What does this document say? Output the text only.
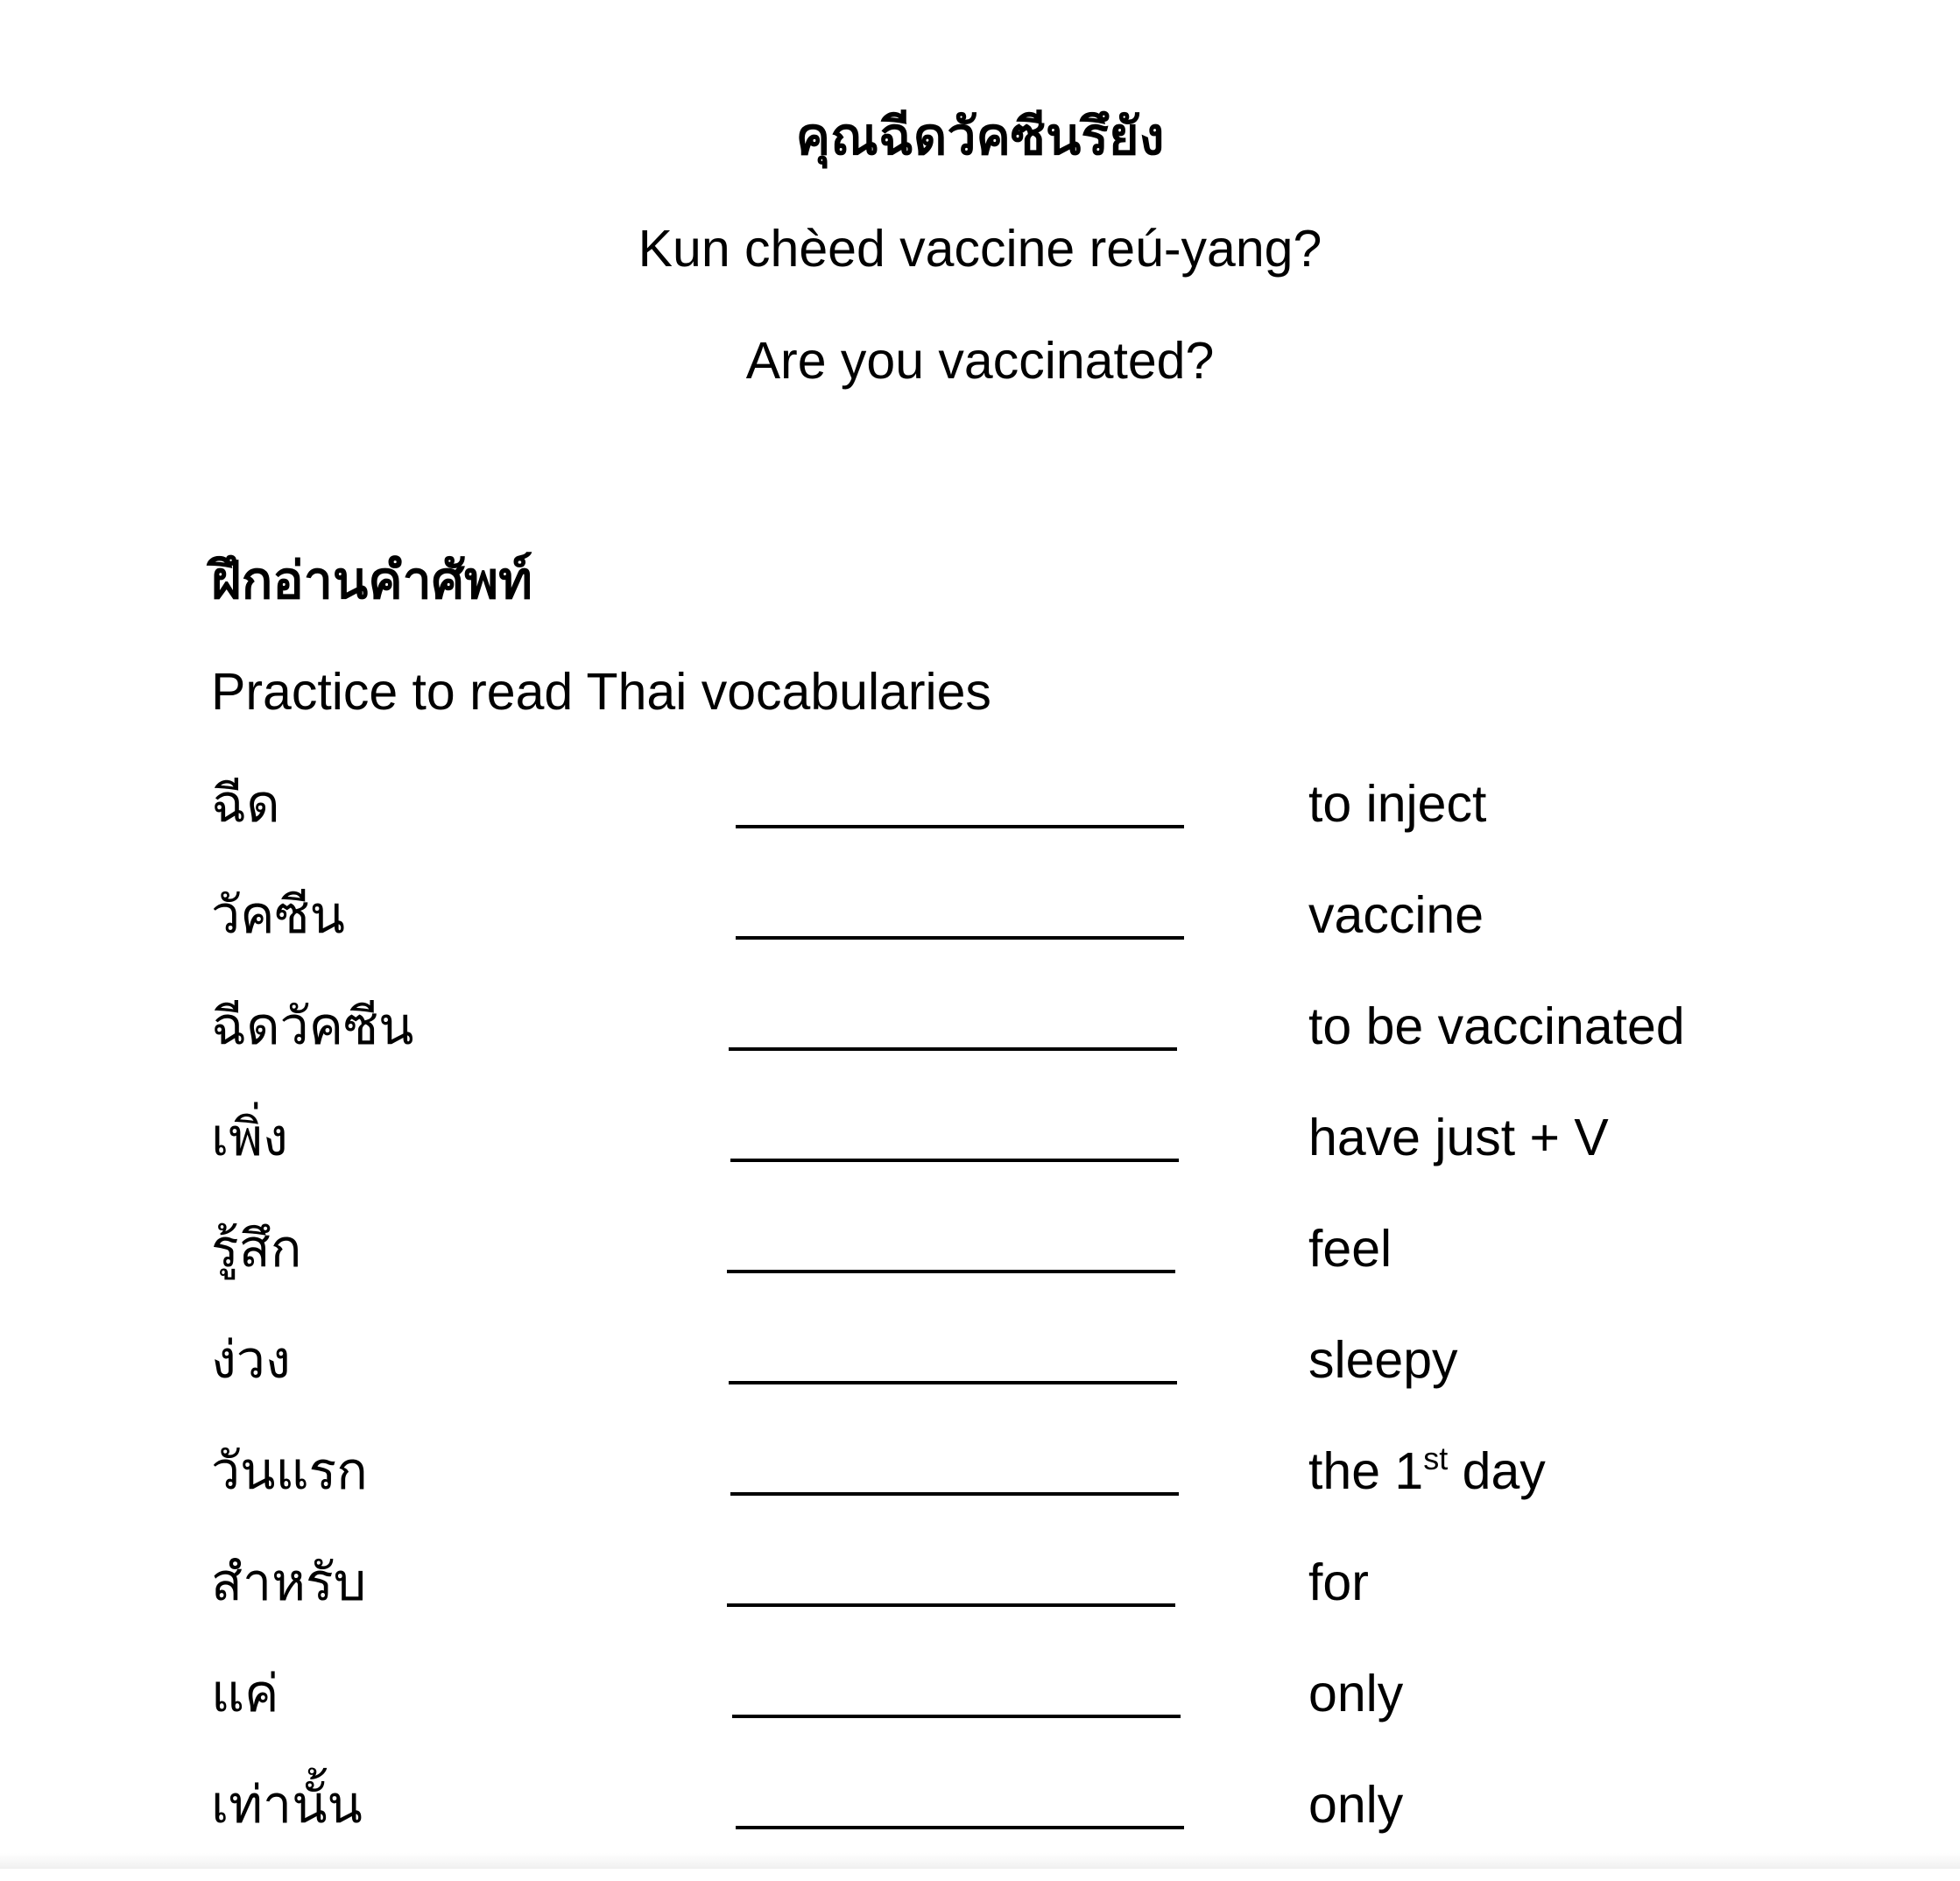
คุณฉีดวัคซีนรึยัง
Kun chèed vaccine reú-yang?
Are you vaccinated?
ฝึกอ่านคำศัพท์
Practice to read Thai vocabularies
ฉีด	to inject
วัคซีน	vaccine
ฉีดวัคซีน	to be vaccinated
เพิ่ง	have just + V
รู้สึก	feel
ง่วง	sleepy
วันแรก	the 1st day
สำหรับ	for
แค่	only
เท่านั้น	only
